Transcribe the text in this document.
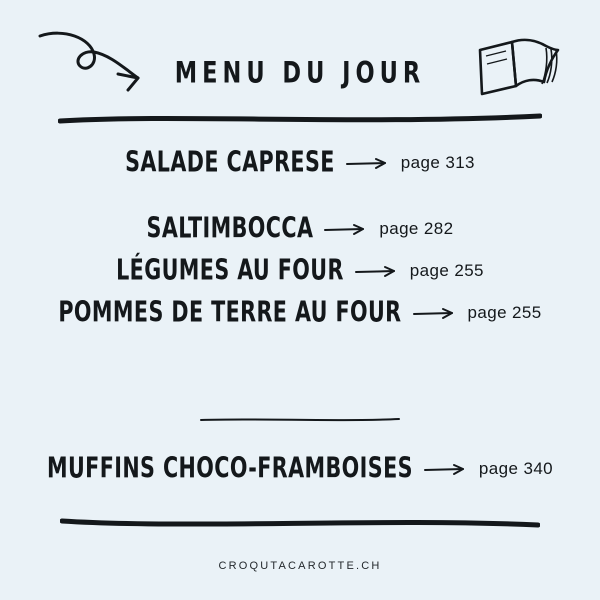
MENU DU JOUR
SALADE CAPRESE	page 313
SALTIMBOCCA	page 282
LÉGUMES AU FOUR	page 255
POMMES DE TERRE AU FOUR	page 255
MUFFINS CHOCO-FRAMBOISES	page 340
CROQUTACAROTTE.CH
